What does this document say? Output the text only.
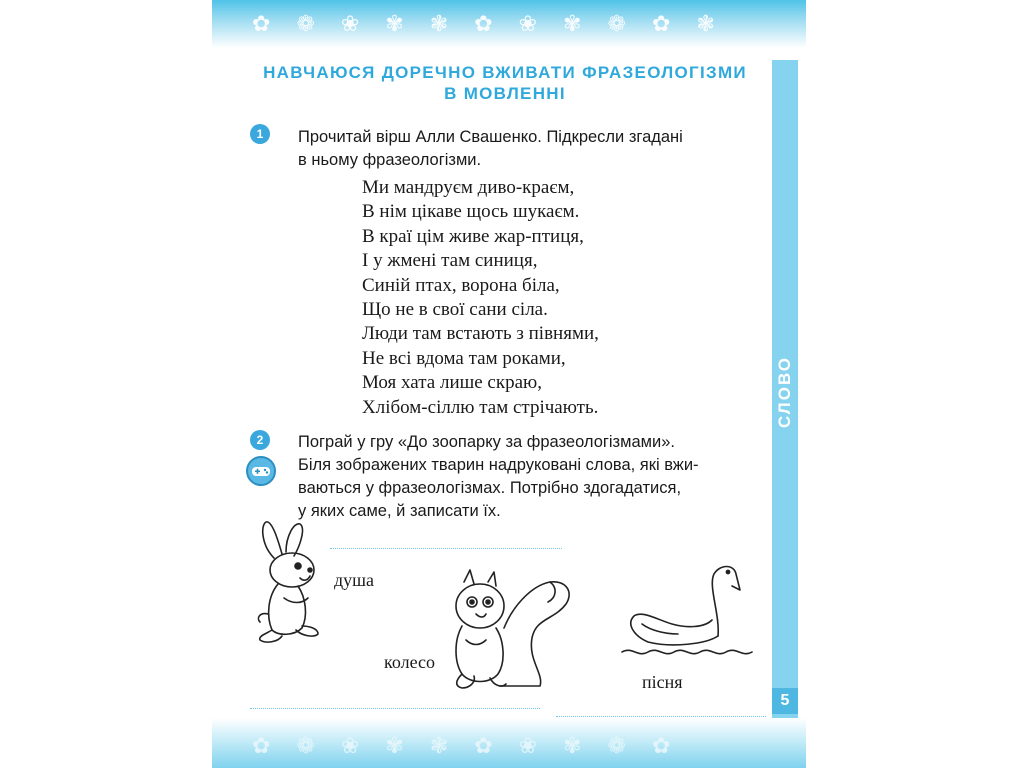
✿ ❁ ❀ ✾ ❃ ✿ ❀ ✾ ❁ ✿ ❃
✿ ❁ ❀ ✾ ❃ ✿ ❀ ✾ ❁ ✿
СЛОВО
5
НАВЧАЮСЯ ДОРЕЧНО ВЖИВАТИ ФРАЗЕОЛОГІЗМИ
В МОВЛЕННІ
1	Прочитай вірш Алли Свашенко. Підкресли згадані
в ньому фразеологізми.
Ми мандруєм диво-краєм,
В нім цікаве щось шукаєм.
В краї цім живе жар-птиця,
І у жмені там синиця,
Синій птах, ворона біла,
Що не в свої сани сіла.
Люди там встають з півнями,
Не всі вдома там роками,
Моя хата лише скраю,
Хлібом-сіллю там стрічають.
2	Пограй у гру «До зоопарку за фразеологізмами».
Біля зображених тварин надруковані слова, які вжи-
ваються у фразеологізмах. Потрібно здогадатися,
у яких саме, й записати їх.
душа
колесо
пісня
